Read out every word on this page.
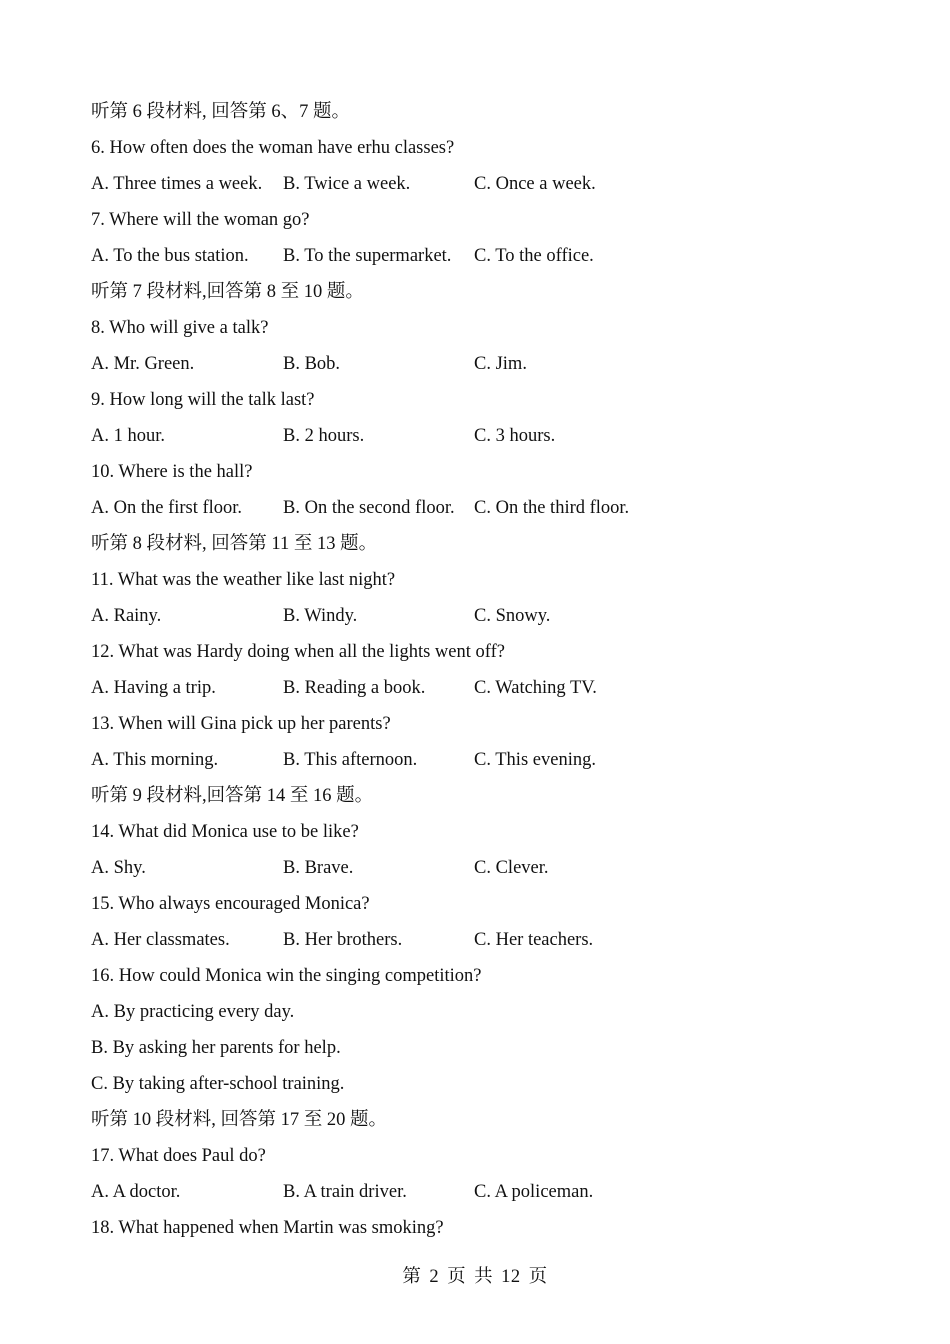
听第 6 段材料, 回答第 6、7 题。
6. How often does the woman have erhu classes?
A. Three times a week. B. Twice a week.	C. Once a week.
7. Where will the woman go?
A. To the bus station. B. To the supermarket. C. To the office.
听第 7 段材料,回答第 8 至 10 题。
8. Who will give a talk?
A. Mr. Green.	B. Bob.	C. Jim.
9. How long will the talk last?
A. 1 hour.	B. 2 hours.	C. 3 hours.
10. Where is the hall?
A. On the first floor. B. On the second floor. C. On the third floor.
听第 8 段材料, 回答第 11 至 13 题。
11. What was the weather like last night?
A. Rainy.	B. Windy.	C. Snowy.
12. What was Hardy doing when all the lights went off?
A. Having a trip.	B. Reading a book.	C. Watching TV.
13. When will Gina pick up her parents?
A. This morning.	B. This afternoon.	C. This evening.
听第 9 段材料,回答第 14 至 16 题。
14. What did Monica use to be like?
A. Shy.	B. Brave.	C. Clever.
15. Who always encouraged Monica?
A. Her classmates.	B. Her brothers.	C. Her teachers.
16. How could Monica win the singing competition?
A. By practicing every day.
B. By asking her parents for help.
C. By taking after-school training.
听第 10 段材料, 回答第 17 至 20 题。
17. What does Paul do?
A. A doctor.	B. A train driver.	C. A policeman.
18. What happened when Martin was smoking?
第 2 页 共 12 页
